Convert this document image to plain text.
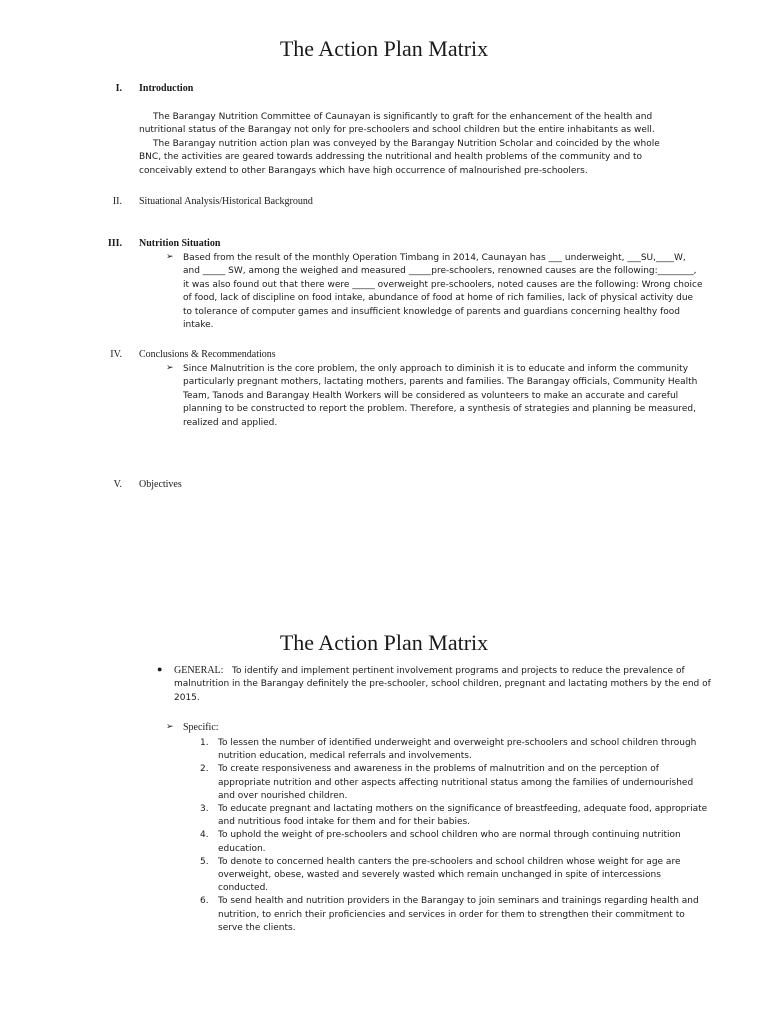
The Action Plan Matrix
I. Introduction
The Barangay Nutrition Committee of Caunayan is significantly to graft for the enhancement of the health and nutritional status of the Barangay not only for pre-schoolers and school children but the entire inhabitants as well.
The Barangay nutrition action plan was conveyed by the Barangay Nutrition Scholar and coincided by the whole BNC, the activities are geared towards addressing the nutritional and health problems of the community and to conceivably extend to other Barangays which have high occurrence of malnourished pre-schoolers.
II. Situational Analysis/Historical Background
III. Nutrition Situation
➢ Based from the result of the monthly Operation Timbang in 2014, Caunayan has ___ underweight, ___SU,____W, and _____ SW, among the weighed and measured _____pre-schoolers, renowned causes are the following:________, it was also found out that there were _____ overweight pre-schoolers, noted causes are the following: Wrong choice of food, lack of discipline on food intake, abundance of food at home of rich families, lack of physical activity due to tolerance of computer games and insufficient knowledge of parents and guardians concerning healthy food intake.
IV. Conclusions & Recommendations
➢ Since Malnutrition is the core problem, the only approach to diminish it is to educate and inform the community particularly pregnant mothers, lactating mothers, parents and families. The Barangay officials, Community Health Team, Tanods and Barangay Health Workers will be considered as volunteers to make an accurate and careful planning to be constructed to report the problem. Therefore, a synthesis of strategies and planning be measured, realized and applied.
V. Objectives
The Action Plan Matrix
● GENERAL: To identify and implement pertinent involvement programs and projects to reduce the prevalence of malnutrition in the Barangay definitely the pre-schooler, school children, pregnant and lactating mothers by the end of 2015.
➢ Specific:
1. To lessen the number of identified underweight and overweight pre-schoolers and school children through nutrition education, medical referrals and involvements.
2. To create responsiveness and awareness in the problems of malnutrition and on the perception of appropriate nutrition and other aspects affecting nutritional status among the families of undernourished and over nourished children.
3. To educate pregnant and lactating mothers on the significance of breastfeeding, adequate food, appropriate and nutritious food intake for them and for their babies.
4. To uphold the weight of pre-schoolers and school children who are normal through continuing nutrition education.
5. To denote to concerned health canters the pre-schoolers and school children whose weight for age are overweight, obese, wasted and severely wasted which remain unchanged in spite of intercessions conducted.
6. To send health and nutrition providers in the Barangay to join seminars and trainings regarding health and nutrition, to enrich their proficiencies and services in order for them to strengthen their commitment to serve the clients.
